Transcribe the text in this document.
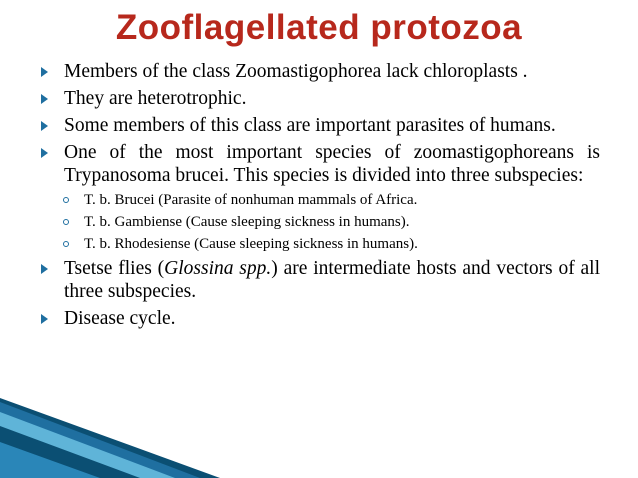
Zooflagellated protozoa
Members of the class Zoomastigophorea lack chloroplasts .
They are heterotrophic.
Some members of this class are important parasites of humans.
One of the most important species of zoomastigophoreans is Trypanosoma brucei. This species is divided into three subspecies:
T. b. Brucei (Parasite of nonhuman mammals of Africa.
T. b. Gambiense (Cause sleeping sickness in humans).
T. b. Rhodesiense (Cause sleeping sickness in humans).
Tsetse flies (Glossina spp.) are intermediate hosts and vectors of all three subspecies.
Disease cycle.
